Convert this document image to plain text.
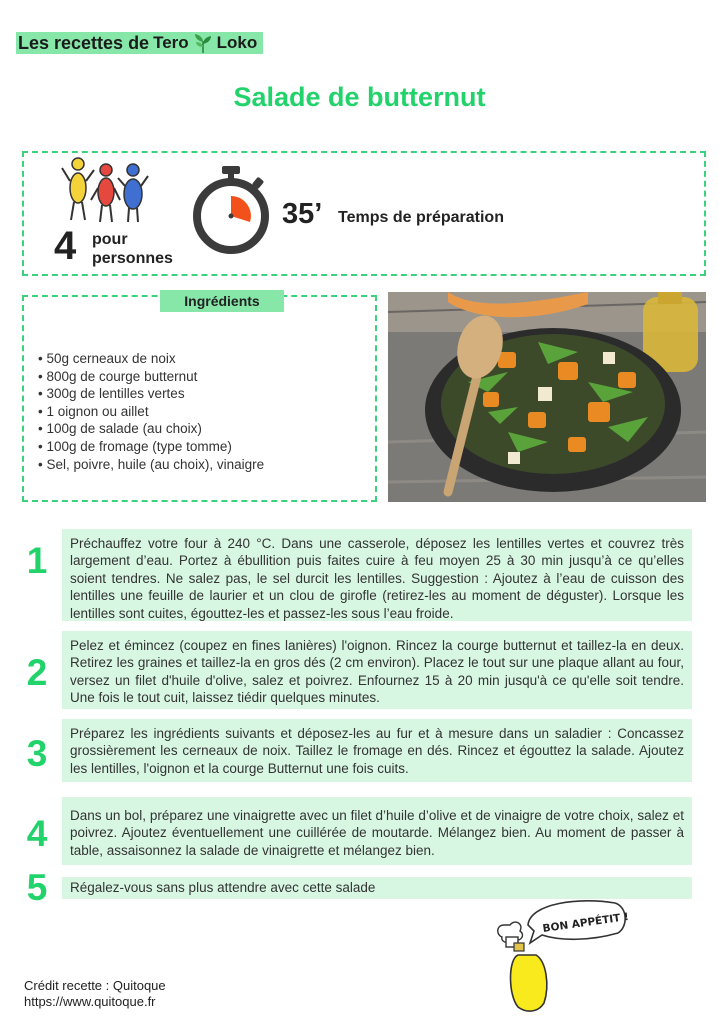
Les recettes de Tero Loko
Salade de butternut
4 pour
personnes
35’ Temps de préparation
Ingrédients
• 50g cerneaux de noix
• 800g de courge butternut
• 300g de lentilles vertes
• 1 oignon ou aillet
• 100g de salade (au choix)
• 100g de fromage (type tomme)
• Sel, poivre, huile (au choix), vinaigre
1	Préchauffez votre four à 240 °C. Dans une casserole, déposez les lentilles vertes et couvrez très largement d’eau. Portez à ébullition puis faites cuire à feu moyen 25 à 30 min jusqu’à ce qu’elles soient tendres. Ne salez pas, le sel durcit les lentilles. Suggestion : Ajoutez à l’eau de cuisson des lentilles une feuille de laurier et un clou de girofle (retirez-les au moment de déguster). Lorsque les lentilles sont cuites, égouttez-les et passez-les sous l’eau froide.
2
Pelez et émincez (coupez en fines lanières) l'oignon. Rincez la courge butternut et taillez-la en deux. Retirez les graines et taillez-la en gros dés (2 cm environ). Placez le tout sur une plaque allant au four, versez un filet d'huile d'olive, salez et poivrez. Enfournez 15 à 20 min jusqu'à ce qu'elle soit tendre. Une fois le tout cuit, laissez tiédir quelques minutes.
3	Préparez les ingrédients suivants et déposez-les au fur et à mesure dans un saladier : Concassez grossièrement les cerneaux de noix. Taillez le fromage en dés. Rincez et égouttez la salade. Ajoutez les lentilles, l'oignon et la courge Butternut une fois cuits.
4	Dans un bol, préparez une vinaigrette avec un filet d’huile d’olive et de vinaigre de votre choix, salez et poivrez. Ajoutez éventuellement une cuillérée de moutarde. Mélangez bien. Au moment de passer à table, assaisonnez la salade de vinaigrette et mélangez bien.
5	Régalez-vous sans plus attendre avec cette salade
Crédit recette : Quitoque
https://www.quitoque.fr
BON APPÉTIT !
